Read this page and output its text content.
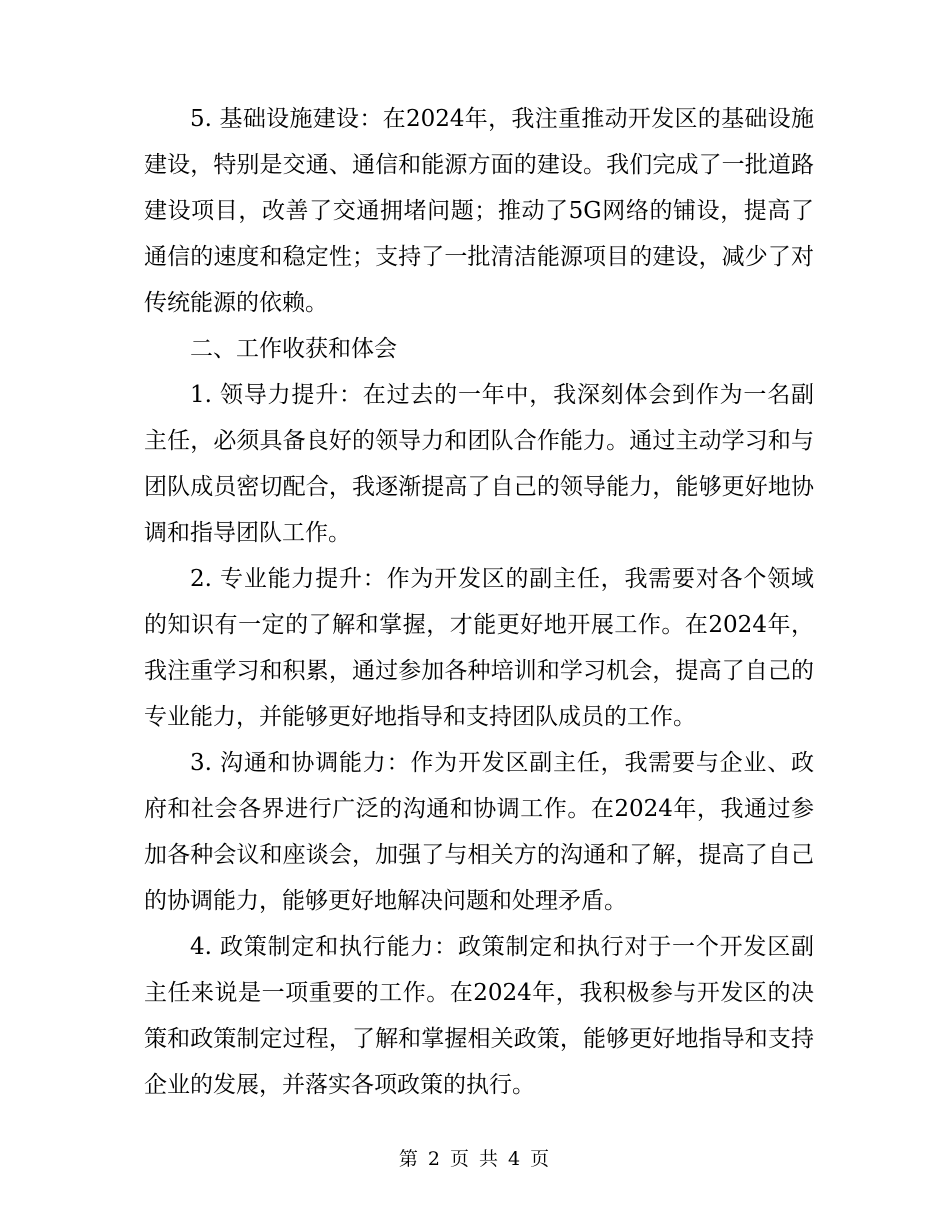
5. 基础设施建设：在2024年，我注重推动开发区的基础设施建设，特别是交通、通信和能源方面的建设。我们完成了一批道路建设项目，改善了交通拥堵问题；推动了5G网络的铺设，提高了通信的速度和稳定性；支持了一批清洁能源项目的建设，减少了对传统能源的依赖。

二、工作收获和体会

1. 领导力提升：在过去的一年中，我深刻体会到作为一名副主任，必须具备良好的领导力和团队合作能力。通过主动学习和与团队成员密切配合，我逐渐提高了自己的领导能力，能够更好地协调和指导团队工作。

2. 专业能力提升：作为开发区的副主任，我需要对各个领域的知识有一定的了解和掌握，才能更好地开展工作。在2024年，我注重学习和积累，通过参加各种培训和学习机会，提高了自己的专业能力，并能够更好地指导和支持团队成员的工作。

3. 沟通和协调能力：作为开发区副主任，我需要与企业、政府和社会各界进行广泛的沟通和协调工作。在2024年，我通过参加各种会议和座谈会，加强了与相关方的沟通和了解，提高了自己的协调能力，能够更好地解决问题和处理矛盾。

4. 政策制定和执行能力：政策制定和执行对于一个开发区副主任来说是一项重要的工作。在2024年，我积极参与开发区的决策和政策制定过程，了解和掌握相关政策，能够更好地指导和支持企业的发展，并落实各项政策的执行。

第 2 页 共 4 页
